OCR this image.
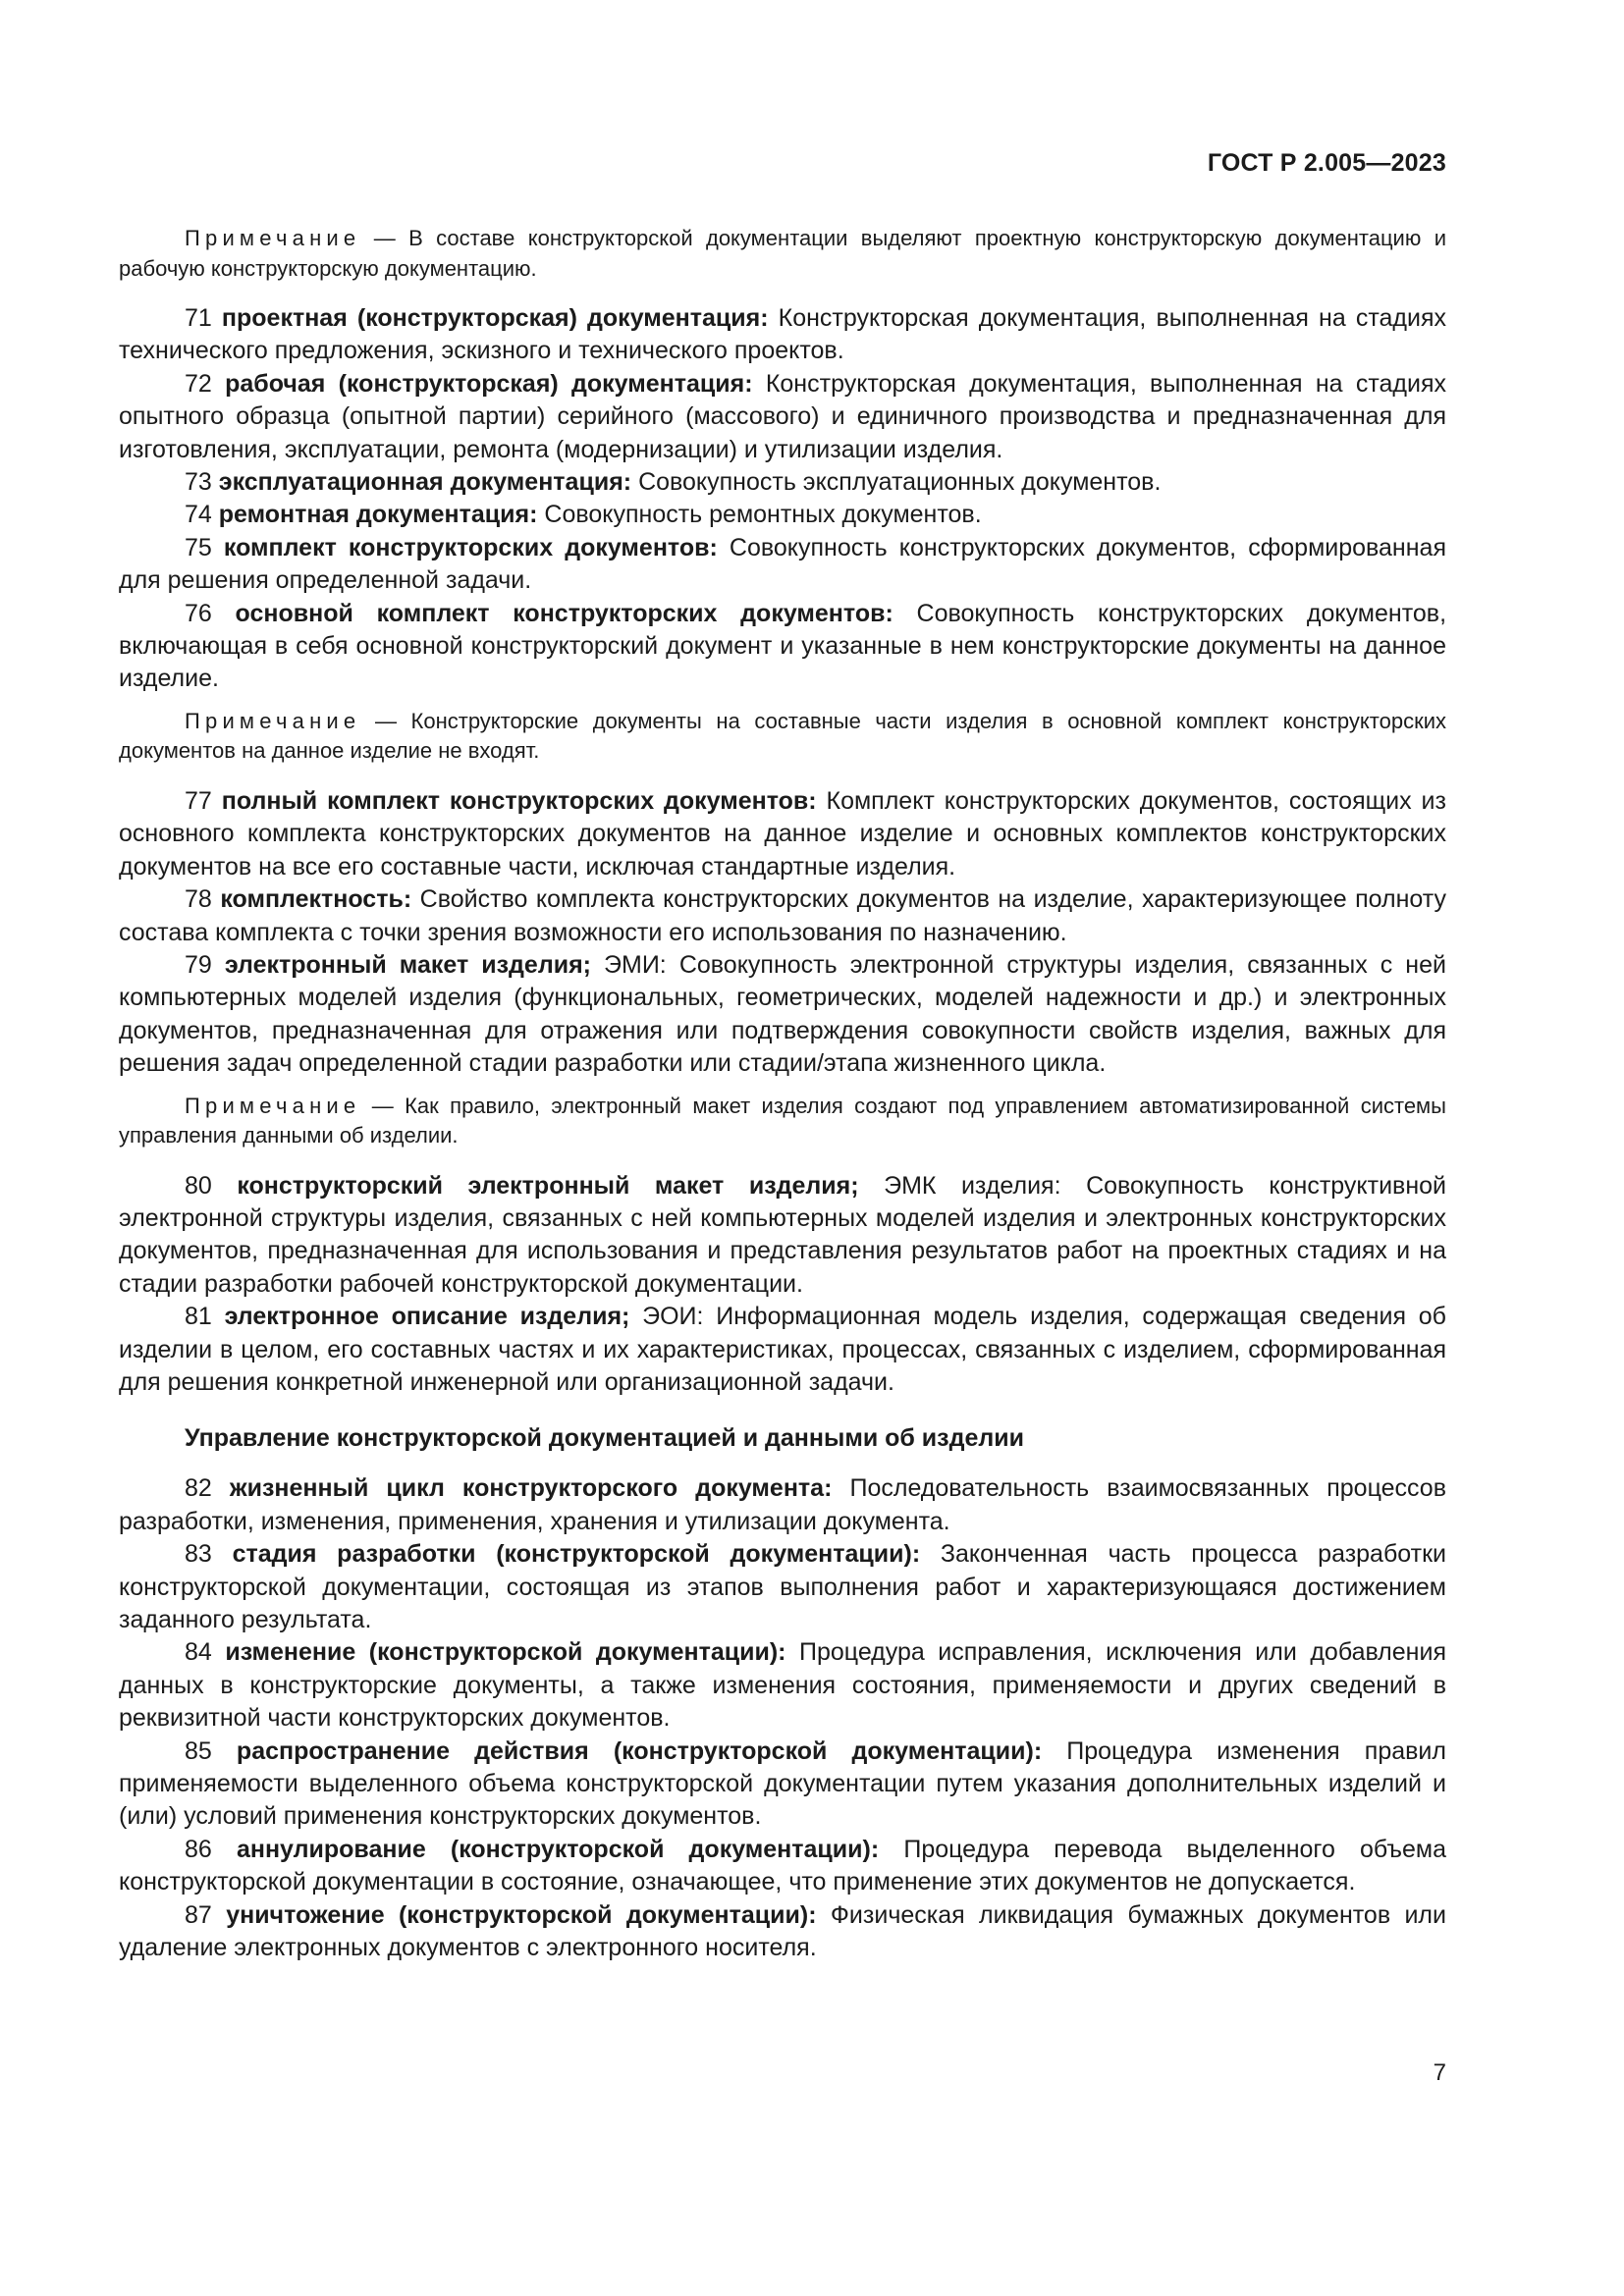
ГОСТ Р 2.005—2023

Примечание — В составе конструкторской документации выделяют проектную конструкторскую документацию и рабочую конструкторскую документацию.

71 проектная (конструкторская) документация: Конструкторская документация, выполненная на стадиях технического предложения, эскизного и технического проектов.

72 рабочая (конструкторская) документация: Конструкторская документация, выполненная на стадиях опытного образца (опытной партии) серийного (массового) и единичного производства и предназначенная для изготовления, эксплуатации, ремонта (модернизации) и утилизации изделия.

73 эксплуатационная документация: Совокупность эксплуатационных документов.

74 ремонтная документация: Совокупность ремонтных документов.

75 комплект конструкторских документов: Совокупность конструкторских документов, сформированная для решения определенной задачи.

76 основной комплект конструкторских документов: Совокупность конструкторских документов, включающая в себя основной конструкторский документ и указанные в нем конструкторские документы на данное изделие.

Примечание — Конструкторские документы на составные части изделия в основной комплект конструкторских документов на данное изделие не входят.

77 полный комплект конструкторских документов: Комплект конструкторских документов, состоящих из основного комплекта конструкторских документов на данное изделие и основных комплектов конструкторских документов на все его составные части, исключая стандартные изделия.

78 комплектность: Свойство комплекта конструкторских документов на изделие, характеризующее полноту состава комплекта с точки зрения возможности его использования по назначению.

79 электронный макет изделия; ЭМИ: Совокупность электронной структуры изделия, связанных с ней компьютерных моделей изделия (функциональных, геометрических, моделей надежности и др.) и электронных документов, предназначенная для отражения или подтверждения совокупности свойств изделия, важных для решения задач определенной стадии разработки или стадии/этапа жизненного цикла.

Примечание — Как правило, электронный макет изделия создают под управлением автоматизированной системы управления данными об изделии.

80 конструкторский электронный макет изделия; ЭМК изделия: Совокупность конструктивной электронной структуры изделия, связанных с ней компьютерных моделей изделия и электронных конструкторских документов, предназначенная для использования и представления результатов работ на проектных стадиях и на стадии разработки рабочей конструкторской документации.

81 электронное описание изделия; ЭОИ: Информационная модель изделия, содержащая сведения об изделии в целом, его составных частях и их характеристиках, процессах, связанных с изделием, сформированная для решения конкретной инженерной или организационной задачи.

Управление конструкторской документацией и данными об изделии

82 жизненный цикл конструкторского документа: Последовательность взаимосвязанных процессов разработки, изменения, применения, хранения и утилизации документа.

83 стадия разработки (конструкторской документации): Законченная часть процесса разработки конструкторской документации, состоящая из этапов выполнения работ и характеризующаяся достижением заданного результата.

84 изменение (конструкторской документации): Процедура исправления, исключения или добавления данных в конструкторские документы, а также изменения состояния, применяемости и других сведений в реквизитной части конструкторских документов.

85 распространение действия (конструкторской документации): Процедура изменения правил применяемости выделенного объема конструкторской документации путем указания дополнительных изделий и (или) условий применения конструкторских документов.

86 аннулирование (конструкторской документации): Процедура перевода выделенного объема конструкторской документации в состояние, означающее, что применение этих документов не допускается.

87 уничтожение (конструкторской документации): Физическая ликвидация бумажных документов или удаление электронных документов с электронного носителя.

7
